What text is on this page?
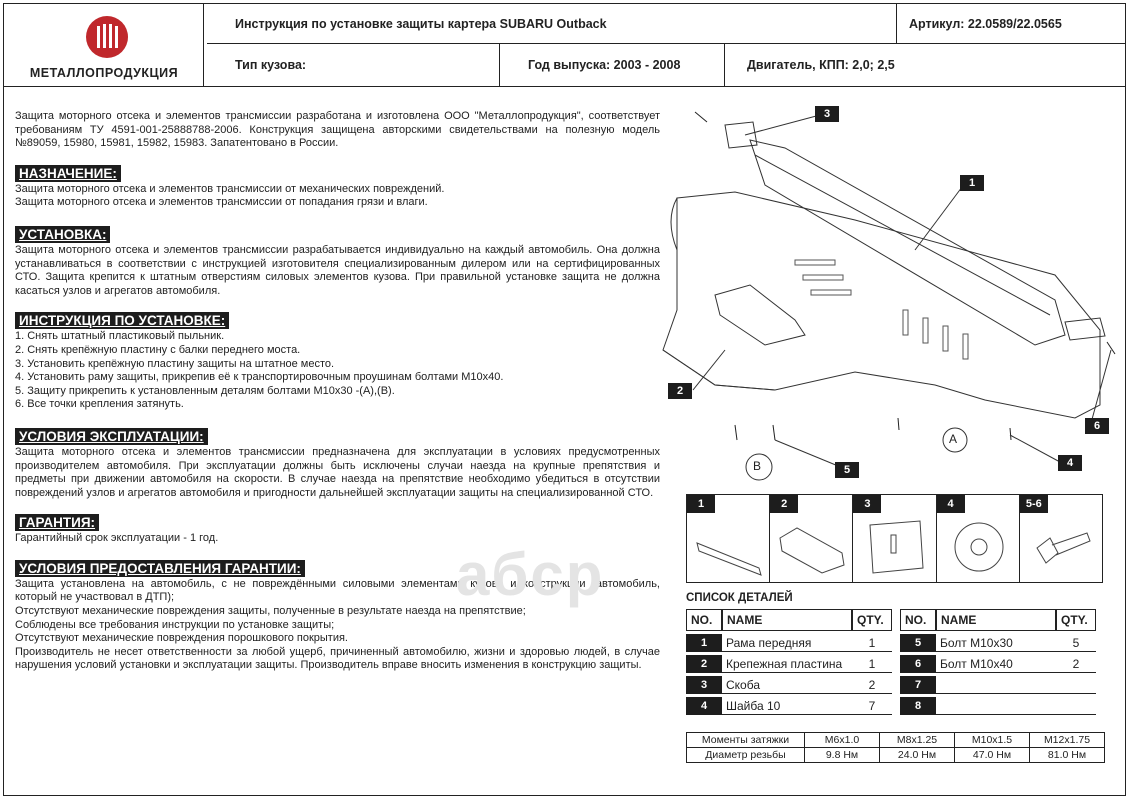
МЕТАЛЛОПРОДУКЦИЯ
Инструкция по установке защиты картера SUBARU Outback	Артикул: 22.0589/22.0565
Тип кузова:	Год выпуска: 2003 - 2008	Двигатель, КПП: 2,0; 2,5

Защита моторного отсека и элементов трансмиссии разработана и изготовлена ООО "Металлопродукция", соответствует требованиям ТУ 4591-001-25888788-2006. Конструкция защищена авторскими свидетельствами на полезную модель №89059, 15980, 15981, 15982, 15983. Запатентовано в России.

НАЗНАЧЕНИЕ:

Защита моторного отсека и элементов трансмиссии от механических повреждений.

Защита моторного отсека и элементов трансмиссии от попадания грязи и влаги.

УСТАНОВКА:

Защита моторного отсека и элементов трансмиссии разрабатывается индивидуально на каждый автомобиль. Она должна устанавливаться в соответствии с инструкцией изготовителя специализированным дилером или на сертифицированных СТО. Защита крепится к штатным отверстиям силовых элементов кузова. При правильной установке защита не должна касаться узлов и агрегатов автомобиля.

ИНСТРУКЦИЯ ПО УСТАНОВКЕ:

1. Снять штатный пластиковый пыльник.

2. Снять крепёжную пластину с балки переднего моста.

3. Установить крепёжную пластину защиты на штатное место.

4. Установить раму защиты, прикрепив её к транспортировочным проушинам болтами М10х40.

5. Защиту прикрепить к установленным деталям болтами М10х30 -(А),(В).

6. Все точки крепления затянуть.

УСЛОВИЯ ЭКСПЛУАТАЦИИ:

Защита моторного отсека и элементов трансмиссии предназначена для эксплуатации в условиях предусмотренных производителем автомобиля. При эксплуатации должны быть исключены случаи наезда на крупные препятствия и предметы при движении автомобиля на скорости. В случае наезда на препятствие необходимо убедиться в отсутствии повреждений узлов и агрегатов автомобиля и пригодности дальнейшей эксплуатации защиты на специализированной СТО.

ГАРАНТИЯ:

Гарантийный срок эксплуатации - 1 год.

УСЛОВИЯ ПРЕДОСТАВЛЕНИЯ ГАРАНТИИ:

Защита установлена на автомобиль, с не повреждёнными силовыми элементами кузова и конструкции (автомобиль, который не участвовал в ДТП);

Отсутствуют механические повреждения защиты, полученные в результате наезда на препятствие;

Соблюдены все требования инструкции по установке защиты;

Отсутствуют механические повреждения порошкового покрытия.

Производитель не несет ответственности за любой ущерб, причиненный автомобилю, жизни и здоровью людей, в случае нарушения условий установки и эксплуатации защиты. Производитель вправе вносить изменения в конструкцию защиты.

aбcp
3
1
2
5
4
6
A
B
1	2	3	4	5-6
СПИСОК ДЕТАЛЕЙ
NO.	NAME	QTY.
1	Рама передняя	1
2	Крепежная пластина	1
3	Скоба	2
4	Шайба 10	7
NO.	NAME	QTY.
5	Болт М10х30	5
6	Болт М10х40	2
7		
8		
Моменты затяжки	М6х1.0	М8х1.25	М10х1.5	М12х1.75
Диаметр резьбы	9.8 Нм	24.0 Нм	47.0 Нм	81.0 Нм
